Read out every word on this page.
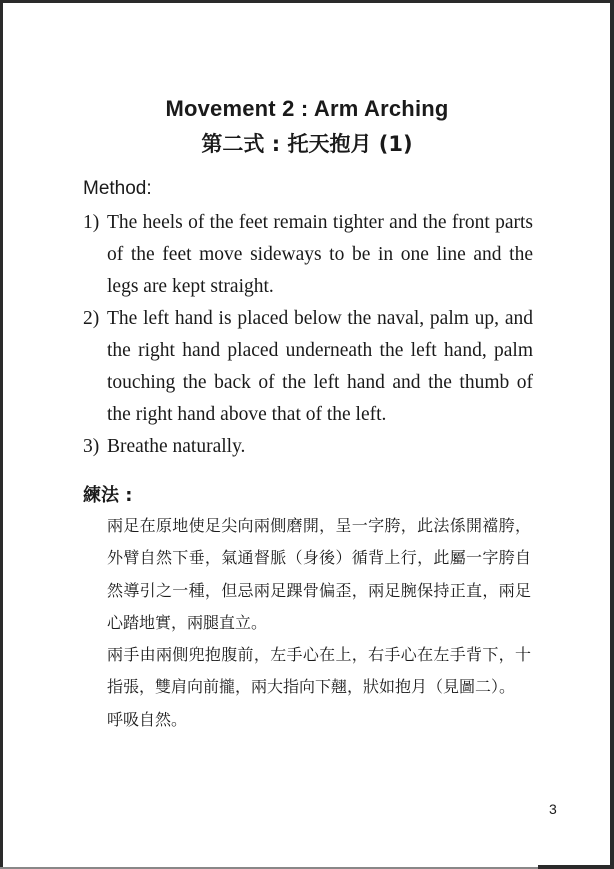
Movement 2 : Arm Arching
第二式 : 托天抱月 (1)
Method:
1) The heels of the feet remain tighter and the front parts of the feet move sideways to be in one line and the legs are kept straight.
2) The left hand is placed below the naval, palm up, and the right hand placed underneath the left hand, palm touching the back of the left hand and the thumb of the right hand above that of the left.
3) Breathe naturally.
練法 :

兩足在原地使足尖向兩側磨開，呈一字胯，此法係開襠胯，外臂自然下垂，氣通督脈（身後）循背上行，此屬一字胯自然導引之一種，但忌兩足踝骨偏歪，兩足腕保持正直，兩足心踏地實，兩腿直立。

兩手由兩側兜抱腹前，左手心在上，右手心在左手背下，十指張，雙肩向前攏，兩大指向下翹，狀如抱月（見圖二）。

呼吸自然。

3
